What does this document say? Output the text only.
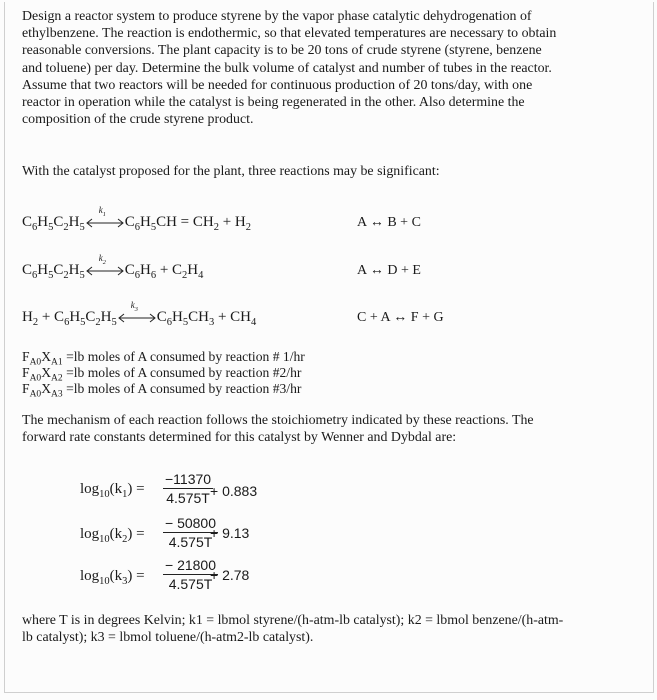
Design a reactor system to produce styrene by the vapor phase catalytic dehydrogenation of
ethylbenzene. The reaction is endothermic, so that elevated temperatures are necessary to obtain
reasonable conversions. The plant capacity is to be 20 tons of crude styrene (styrene, benzene
and toluene) per day. Determine the bulk volume of catalyst and number of tubes in the reactor.
Assume that two reactors will be needed for continuous production of 20 tons/day, with one
reactor in operation while the catalyst is being regenerated in the other. Also determine the
composition of the crude styrene product.
With the catalyst proposed for the plant, three reactions may be significant:
$C_6H_5C_2H_5$
$k_1$
$C_6H_5CH = CH_2 + H_2$	A ↔ B + C
$C_6H_5C_2H_5$
$k_2$
$C_6H_6 + C_2H_4$	A ↔ D + E
$H_2 + C_6H_5C_2H_5$
$k_3$
$C_6H_5CH_3 + CH_4$	C + A ↔ F + G
$F_{A0}X_{A1} =lb$ moles of A consumed by reaction # 1/hr
$F_{A0}X_{A2} =lb$ moles of A consumed by reaction #2/hr
$F_{A0}X_{A3} =lb$ moles of A consumed by reaction #3/hr
The mechanism of each reaction follows the stoichiometry indicated by these reactions. The
forward rate constants determined for this catalyst by Wenner and Dybdal are:
$\log_{10}(k_1) = \frac{-11370}{4.575T}$
+ 0.883
$\log_{10}(k_2) = \frac{- 50800}{4.575T}$
+ 9.13
$\log_{10}(k_3) = \frac{- 21800}{4.575T}$
+ 2.78
where T is in degrees Kelvin; k1 = lbmol styrene/(h-atm-lb catalyst); k2 = lbmol benzene/(h-atm-
lb catalyst); k3 = lbmol toluene/(h-atm2-lb catalyst).
